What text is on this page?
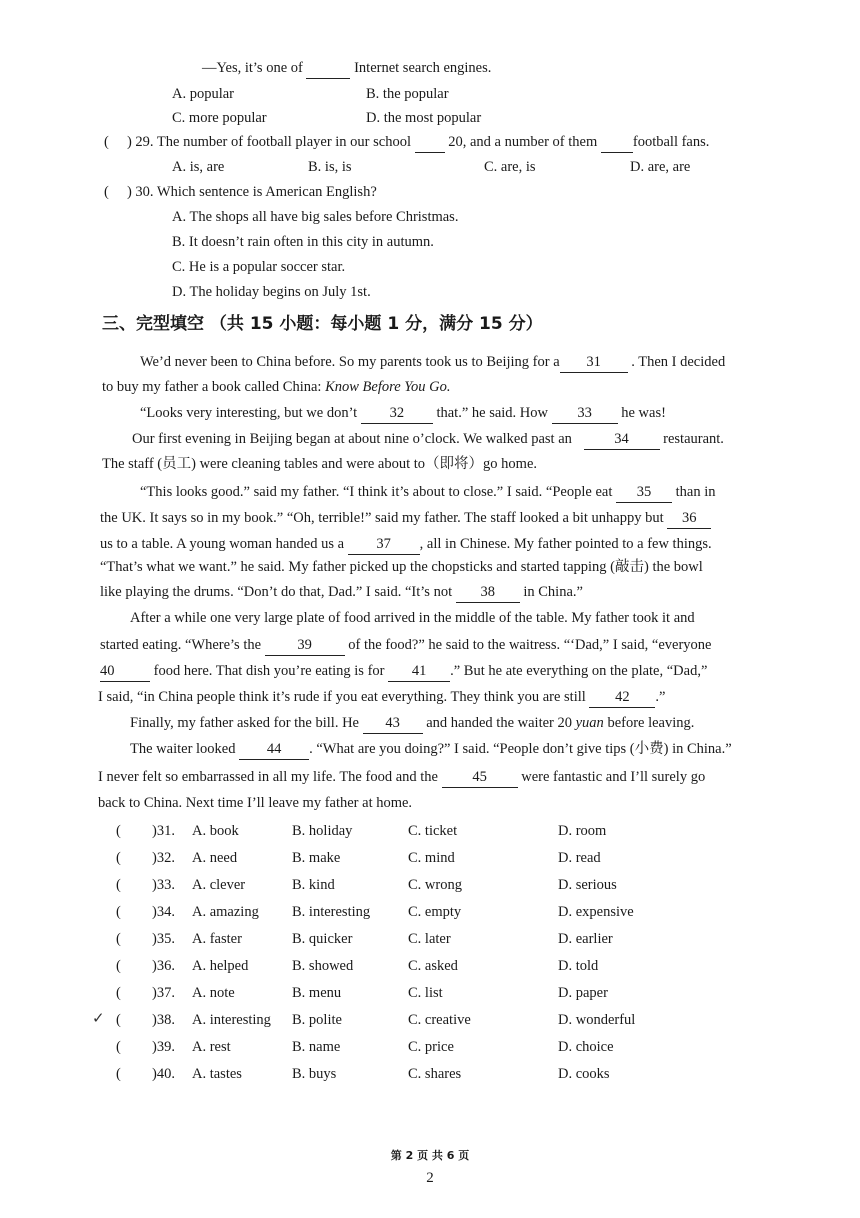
—Yes, it’s one of	Internet search engines.
A. popular	B. the popular
C. more popular	D. the most popular
(     ) 29. The number of football player in our school	20, and a number of them football fans.
A. is, are	B. is, is	C. are, is	D. are, are
(     ) 30. Which sentence is American English?
A. The shops all have big sales before Christmas.
B. It doesn’t rain often in this city in autumn.
C. He is a popular soccer star.
D. The holiday begins on July 1st.
三、完型填空 （共 15 小题：每小题 1 分，满分 15 分）
We’d never been to China before. So my parents took us to Beijing for a 31 . Then I decided
to buy my father a book called China: Know Before You Go.
“Looks very interesting, but we don’t 32 that.” he said. How 33 he was!
Our first evening in Beijing began at about nine o’clock. We walked past an	34 restaurant.
The staff (员工) were cleaning tables and were about to（即将）go home.
“This looks good.” said my father. “I think it’s about to close.” I said. “People eat 35 than in
the UK. It says so in my book.” “Oh, terrible!” said my father. The staff looked a bit unhappy but 36
us to a table. A young woman handed us a 37 , all in Chinese. My father pointed to a few things.
“That’s what we want.” he said. My father picked up the chopsticks and started tapping (敲击) the bowl
like playing the drums. “Don’t do that, Dad.” I said. “It’s not 38 in China.”
After a while one very large plate of food arrived in the middle of the table. My father took it and
started eating. “Where’s the	39	of the food?” he said to the waitress. “‘Dad,” I said, “everyone
40	food here. That dish you’re eating is for 41 .” But he ate everything on the plate, “Dad,”
I said, “in China people think it’s rude if you eat everything. They think you are still 42 .”
Finally, my father asked for the bill. He 43 and handed the waiter 20 yuan before leaving.
The waiter looked 44 . “What are you doing?” I said. “People don’t give tips (小费) in China.”
I never felt so embarrassed in all my life. The food and the 45 were fantastic and I’ll surely go
back to China. Next time I’ll leave my father at home.
( )31. A. book	B. holiday	C. ticket	D. room
( )32. A. need	B. make	C. mind	D. read
( )33. A. clever	B. kind	C. wrong	D. serious
( )34. A. amazing B. interesting	C. empty	D. expensive
( )35. A. faster	B. quicker	C. later	D. earlier
( )36. A. helped	B. showed	C. asked	D. told
( )37. A. note	B. menu	C. list	D. paper
( )38. A. interesting B. polite	C. creative	D. wonderful
( )39. A. rest	B. name	C. price	D. choice
( )40. A. tastes	B. buys	C. shares	D. cooks
✓
第 2 页 共 6 页
2
